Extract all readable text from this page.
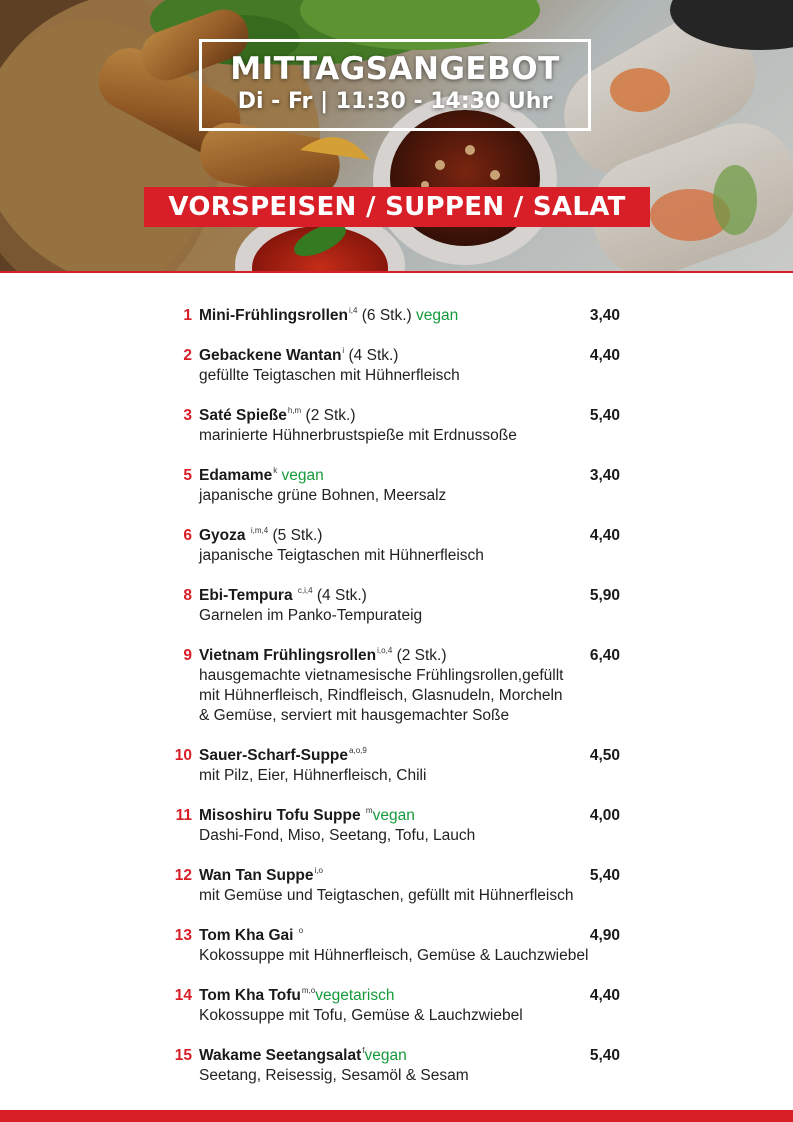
MITTAGSANGEBOT
Di - Fr | 11:30 - 14:30 Uhr
VORSPEISEN / SUPPEN / SALAT
1 Mini-Frühlingsrollen$^{i,4}$ (6 Stk.) vegan	3,40
2 Gebackene Wantan$^i$ (4 Stk.)
gefüllte Teigtaschen mit Hühnerfleisch
4,40
3 Saté Spieße$^{h,m}$ (2 Stk.)
marinierte Hühnerbrustspieße mit Erdnussoße
5,40
5 Edamame$^k$ vegan
japanische grüne Bohnen, Meersalz
3,40
6 Gyoza $^{i,m,4}$ (5 Stk.)
japanische Teigtaschen mit Hühnerfleisch
4,40
8 Ebi-Tempura $^{c,i,4}$ (4 Stk.)
Garnelen im Panko-Tempurateig
5,90
9 Vietnam Frühlingsrollen$^{i,o,4}$ (2 Stk.)
hausgemachte vietnamesische Frühlingsrollen,gefüllt
mit Hühnerfleisch, Rindfleisch, Glasnudeln, Morcheln
& Gemüse, serviert mit hausgemachter Soße
6,40
10 Sauer-Scharf-Suppe$^{a,o,9}$
mit Pilz, Eier, Hühnerfleisch, Chili
4,50
11 Misoshiru Tofu Suppe $^m$vegan
Dashi-Fond, Miso, Seetang, Tofu, Lauch
4,00
12 Wan Tan Suppe$^{i,o}$
mit Gemüse und Teigtaschen, gefüllt mit Hühnerfleisch
5,40
13 Tom Kha Gai $^o$
Kokossuppe mit Hühnerfleisch, Gemüse & Lauchzwiebel
4,90
14 Tom Kha Tofu$^{m,o}$vegetarisch
Kokossuppe mit Tofu, Gemüse & Lauchzwiebel
4,40
15 Wakame Seetangsalat$^f$vegan
Seetang, Reisessig, Sesamöl & Sesam
5,40
